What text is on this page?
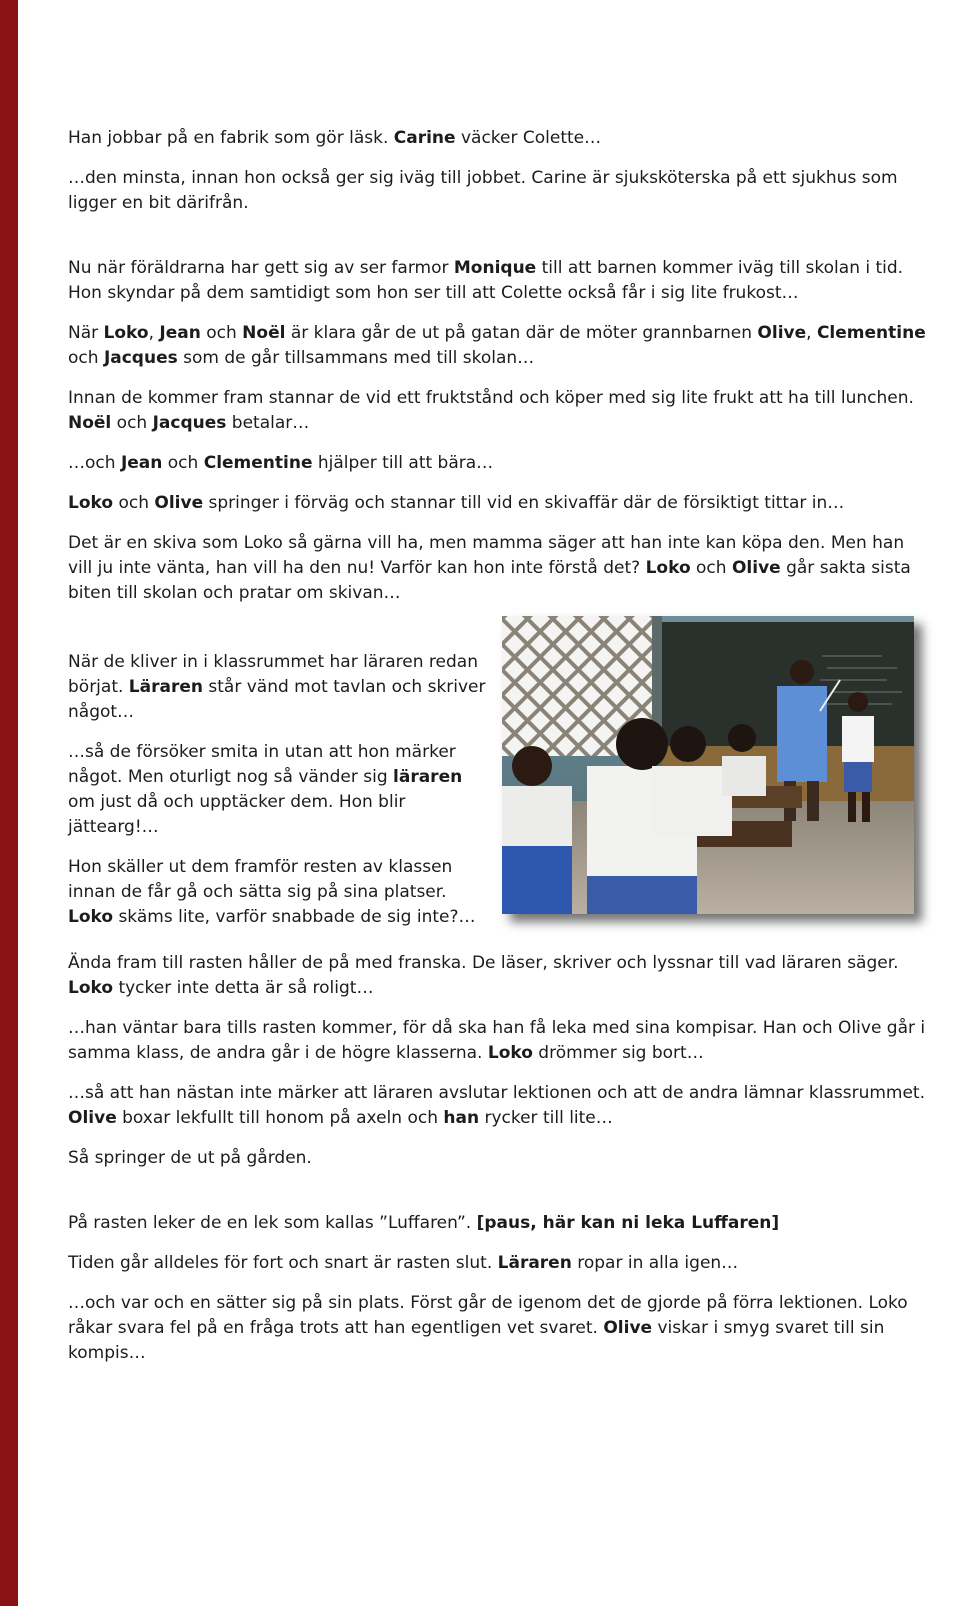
Han jobbar på en fabrik som gör läsk. Carine väcker Colette…

…den minsta, innan hon också ger sig iväg till jobbet. Carine är sjuksköterska på ett sjukhus som ligger en bit därifrån.

Nu när föräldrarna har gett sig av ser farmor Monique till att barnen kommer iväg till skolan i tid. Hon skyndar på dem samtidigt som hon ser till att Colette också får i sig lite frukost…

När Loko, Jean och Noël är klara går de ut på gatan där de möter grannbarnen Olive, Clementine och Jacques som de går tillsammans med till skolan…

Innan de kommer fram stannar de vid ett fruktstånd och köper med sig lite frukt att ha till lunchen. Noël och Jacques betalar…

…och Jean och Clementine hjälper till att bära…

Loko och Olive springer i förväg och stannar till vid en skivaffär där de försiktigt tittar in…

Det är en skiva som Loko så gärna vill ha, men mamma säger att han inte kan köpa den. Men han vill ju inte vänta, han vill ha den nu! Varför kan hon inte förstå det? Loko och Olive går sakta sista biten till skolan och pratar om skivan…

När de kliver in i klassrummet har läraren redan börjat. Läraren står vänd mot tavlan och skriver något…

…så de försöker smita in utan att hon märker något. Men oturligt nog så vänder sig läraren om just då och upptäcker dem. Hon blir jättearg!…

Hon skäller ut dem framför resten av klassen innan de får gå och sätta sig på sina platser. Loko skäms lite, varför snabbade de sig inte?…

Ända fram till rasten håller de på med franska. De läser, skriver och lyssnar till vad läraren säger. Loko tycker inte detta är så roligt…

…han väntar bara tills rasten kommer, för då ska han få leka med sina kompisar. Han och Olive går i samma klass, de andra går i de högre klasserna. Loko drömmer sig bort…

…så att han nästan inte märker att läraren avslutar lektionen och att de andra lämnar klassrummet. Olive boxar lekfullt till honom på axeln och han rycker till lite…

Så springer de ut på gården.

På rasten leker de en lek som kallas ”Luffaren”. [paus, här kan ni leka Luffaren]

Tiden går alldeles för fort och snart är rasten slut. Läraren ropar in alla igen…

…och var och en sätter sig på sin plats. Först går de igenom det de gjorde på förra lektionen. Loko råkar svara fel på en fråga trots att han egentligen vet svaret. Olive viskar i smyg svaret till sin kompis…
